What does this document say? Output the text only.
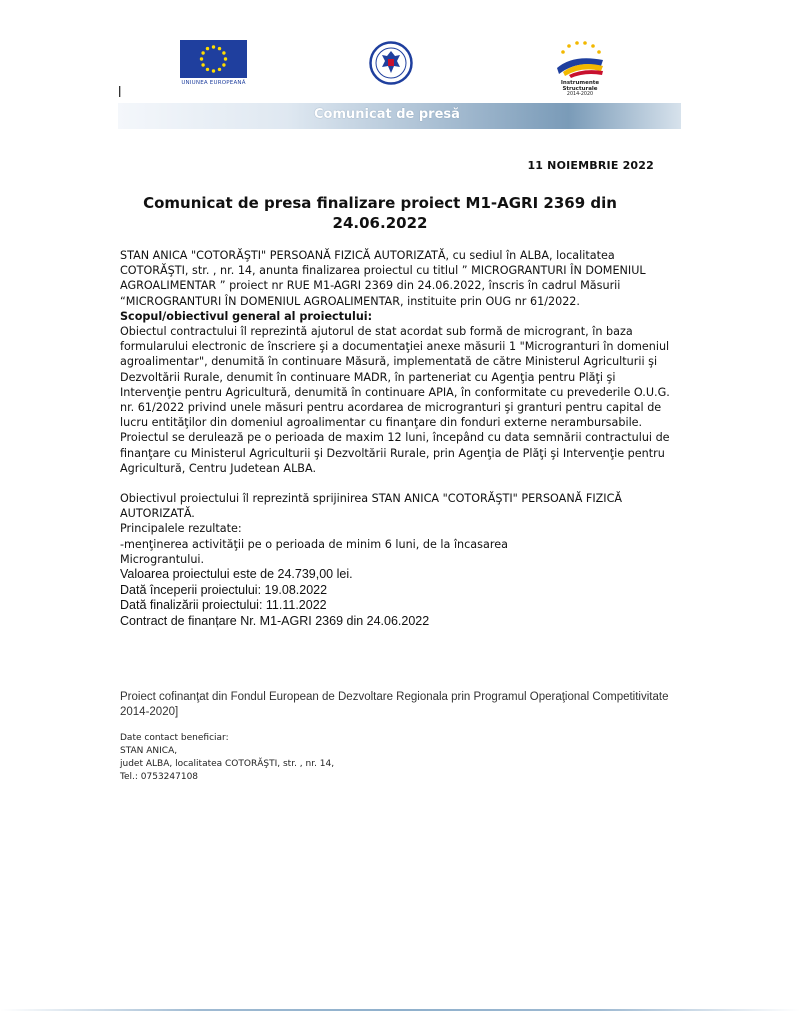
UNIUNEA EUROPEANĂ	Instrumente Structurale
2014-2020
l
Comunicat de presă
11 NOIEMBRIE 2022
Comunicat de presa finalizare proiect M1-AGRI 2369 din
24.06.2022

STAN ANICA "COTORĂŞTI" PERSOANĂ FIZICĂ AUTORIZATĂ, cu sediul în ALBA, localitatea COTORĂŞTI, str. , nr. 14, anunta finalizarea proiectul cu titlul ” MICROGRANTURI ÎN DOMENIUL AGROALIMENTAR ” proiect nr RUE M1-AGRI 2369 din 24.06.2022, înscris în cadrul Măsurii “MICROGRANTURI ÎN DOMENIUL AGROALIMENTAR, instituite prin OUG nr 61/2022.

Scopul/obiectivul general al proiectului:

Obiectul contractului îl reprezintă ajutorul de stat acordat sub formă de microgrant, în baza formularului electronic de înscriere şi a documentaţiei anexe măsurii 1 "Microgranturi în domeniul agroalimentar", denumită în continuare Măsură, implementată de către Ministerul Agriculturii şi Dezvoltării Rurale, denumit în continuare MADR, în parteneriat cu Agenţia pentru Plăţi şi Intervenţie pentru Agricultură, denumită în continuare APIA, în conformitate cu prevederile O.U.G. nr. 61/2022 privind unele măsuri pentru acordarea de microgranturi şi granturi pentru capital de lucru entităţilor din domeniul agroalimentar cu finanţare din fonduri externe nerambursabile.

Proiectul se derulează pe o perioada de maxim 12 luni, începând cu data semnării contractului de finanţare cu Ministerul Agriculturii şi Dezvoltării Rurale, prin Agenţia de Plăţi şi Intervenţie pentru Agricultură, Centru Judetean ALBA.

Obiectivul proiectului îl reprezintă sprijinirea STAN ANICA "COTORĂŞTI" PERSOANĂ FIZICĂ AUTORIZATĂ.

Principalele rezultate:

-menţinerea activităţii pe o perioada de minim 6 luni, de la încasarea Micrograntului.

Valoarea proiectului este de 24.739,00 lei.

Dată începerii proiectului: 19.08.2022

Dată finalizării proiectului: 11.11.2022

Contract de finanțare Nr. M1-AGRI 2369 din 24.06.2022

Proiect cofinanţat din Fondul European de Dezvoltare Regionala prin Programul Operaţional Competitivitate 2014-2020]

Date contact beneficiar:

STAN ANICA,

judet ALBA, localitatea COTORĂŞTI, str. , nr. 14,

Tel.: 0753247108
